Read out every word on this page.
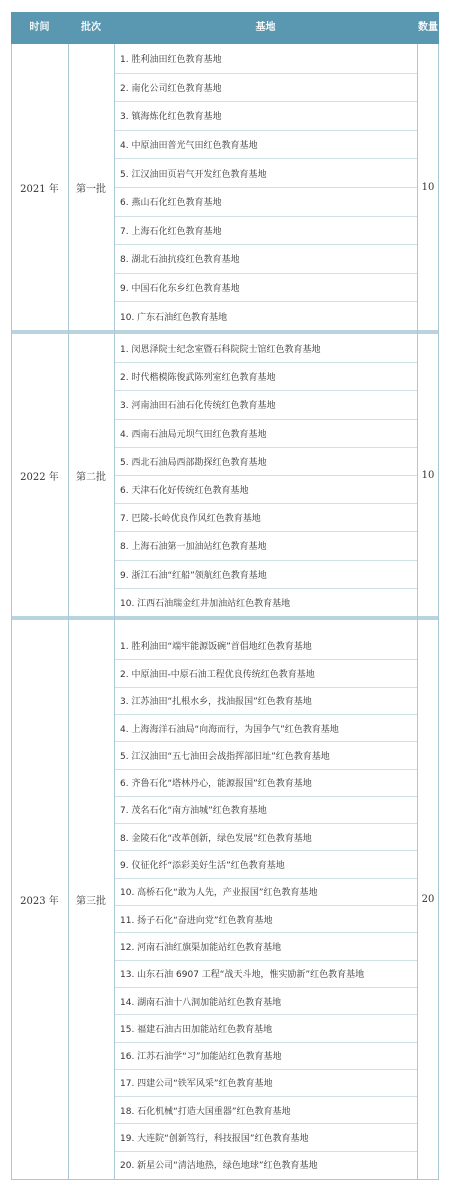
时间	批次	基地	数量
2021 年	第一批
1. 胜利油田红色教育基地
2. 南化公司红色教育基地
3. 镇海炼化红色教育基地
4. 中原油田普光气田红色教育基地
5. 江汉油田页岩气开发红色教育基地
6. 燕山石化红色教育基地
7. 上海石化红色教育基地
8. 湖北石油抗疫红色教育基地
9. 中国石化东乡红色教育基地
10. 广东石油红色教育基地
10
2022 年	第二批
1. 闵恩泽院士纪念室暨石科院院士馆红色教育基地
2. 时代楷模陈俊武陈列室红色教育基地
3. 河南油田石油石化传统红色教育基地
4. 西南石油局元坝气田红色教育基地
5. 西北石油局西部勘探红色教育基地
6. 天津石化好传统红色教育基地
7. 巴陵-长岭优良作风红色教育基地
8. 上海石油第一加油站红色教育基地
9. 浙江石油“红船”领航红色教育基地
10. 江西石油瑞金红井加油站红色教育基地
10
2023 年	第三批
1. 胜利油田“端牢能源饭碗”首倡地红色教育基地
2. 中原油田-中原石油工程优良传统红色教育基地
3. 江苏油田“扎根水乡，找油报国”红色教育基地
4. 上海海洋石油局“向海而行，为国争气”红色教育基地
5. 江汉油田“五七油田会战指挥部旧址”红色教育基地
6. 齐鲁石化“塔林丹心，能源报国”红色教育基地
7. 茂名石化“南方油城”红色教育基地
8. 金陵石化“改革创新，绿色发展”红色教育基地
9. 仪征化纤“添彩美好生活”红色教育基地
10. 高桥石化“敢为人先，产业报国”红色教育基地
11. 扬子石化“奋进向党”红色教育基地
12. 河南石油红旗渠加能站红色教育基地
13. 山东石油 6907 工程“战天斗地，惟实励新”红色教育基地
14. 湖南石油十八洞加能站红色教育基地
15. 福建石油古田加能站红色教育基地
16. 江苏石油学“习”加能站红色教育基地
17. 四建公司“铁军风采”红色教育基地
18. 石化机械“打造大国重器”红色教育基地
19. 大连院“创新笃行，科技报国”红色教育基地
20. 新星公司“清洁地热，绿色地球”红色教育基地
20
